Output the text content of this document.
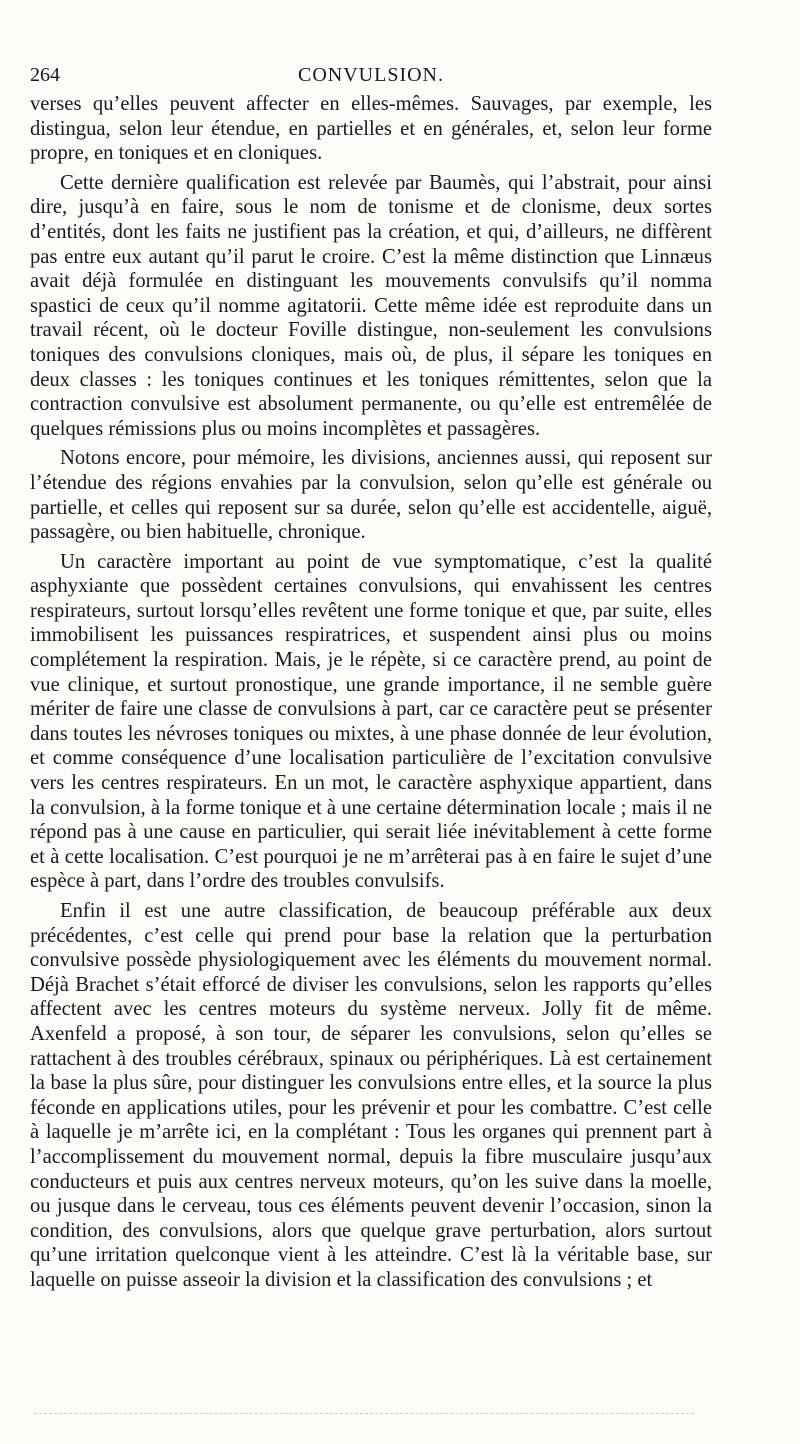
264	CONVULSION.

verses qu’elles peuvent affecter en elles-mêmes. Sauvages, par exemple, les distingua, selon leur étendue, en partielles et en générales, et, selon leur forme propre, en toniques et en cloniques.

Cette dernière qualification est relevée par Baumès, qui l’abstrait, pour ainsi dire, jusqu’à en faire, sous le nom de tonisme et de clonisme, deux sortes d’entités, dont les faits ne justifient pas la création, et qui, d’ailleurs, ne diffèrent pas entre eux autant qu’il parut le croire. C’est la même distinction que Linnæus avait déjà formulée en distinguant les mouvements convulsifs qu’il nomma spastici de ceux qu’il nomme agitatorii. Cette même idée est reproduite dans un travail récent, où le docteur Foville distingue, non-seulement les convulsions toniques des convulsions cloniques, mais où, de plus, il sépare les toniques en deux classes : les toniques continues et les toniques rémittentes, selon que la contraction convulsive est absolument permanente, ou qu’elle est entremêlée de quelques rémissions plus ou moins incomplètes et passagères.

Notons encore, pour mémoire, les divisions, anciennes aussi, qui reposent sur l’étendue des régions envahies par la convulsion, selon qu’elle est générale ou partielle, et celles qui reposent sur sa durée, selon qu’elle est accidentelle, aiguë, passagère, ou bien habituelle, chronique.

Un caractère important au point de vue symptomatique, c’est la qualité asphyxiante que possèdent certaines convulsions, qui envahissent les centres respirateurs, surtout lorsqu’elles revêtent une forme tonique et que, par suite, elles immobilisent les puissances respiratrices, et suspendent ainsi plus ou moins complétement la respiration. Mais, je le répète, si ce caractère prend, au point de vue clinique, et surtout pronostique, une grande importance, il ne semble guère mériter de faire une classe de convulsions à part, car ce caractère peut se présenter dans toutes les névroses toniques ou mixtes, à une phase donnée de leur évolution, et comme conséquence d’une localisation particulière de l’excitation convulsive vers les centres respirateurs. En un mot, le caractère asphyxique appartient, dans la convulsion, à la forme tonique et à une certaine détermination locale ; mais il ne répond pas à une cause en particulier, qui serait liée inévitablement à cette forme et à cette localisation. C’est pourquoi je ne m’arrêterai pas à en faire le sujet d’une espèce à part, dans l’ordre des troubles convulsifs.

Enfin il est une autre classification, de beaucoup préférable aux deux précédentes, c’est celle qui prend pour base la relation que la perturbation convulsive possède physiologiquement avec les éléments du mouvement normal. Déjà Brachet s’était efforcé de diviser les convulsions, selon les rapports qu’elles affectent avec les centres moteurs du système nerveux. Jolly fit de même. Axenfeld a proposé, à son tour, de séparer les convulsions, selon qu’elles se rattachent à des troubles cérébraux, spinaux ou périphériques. Là est certainement la base la plus sûre, pour distinguer les convulsions entre elles, et la source la plus féconde en applications utiles, pour les prévenir et pour les combattre. C’est celle à laquelle je m’arrête ici, en la complétant : Tous les organes qui prennent part à l’accomplissement du mouvement normal, depuis la fibre musculaire jusqu’aux conducteurs et puis aux centres nerveux moteurs, qu’on les suive dans la moelle, ou jusque dans le cerveau, tous ces éléments peuvent devenir l’occasion, sinon la condition, des convulsions, alors que quelque grave perturbation, alors surtout qu’une irritation quelconque vient à les atteindre. C’est là la véritable base, sur laquelle on puisse asseoir la division et la classification des convulsions ; et
